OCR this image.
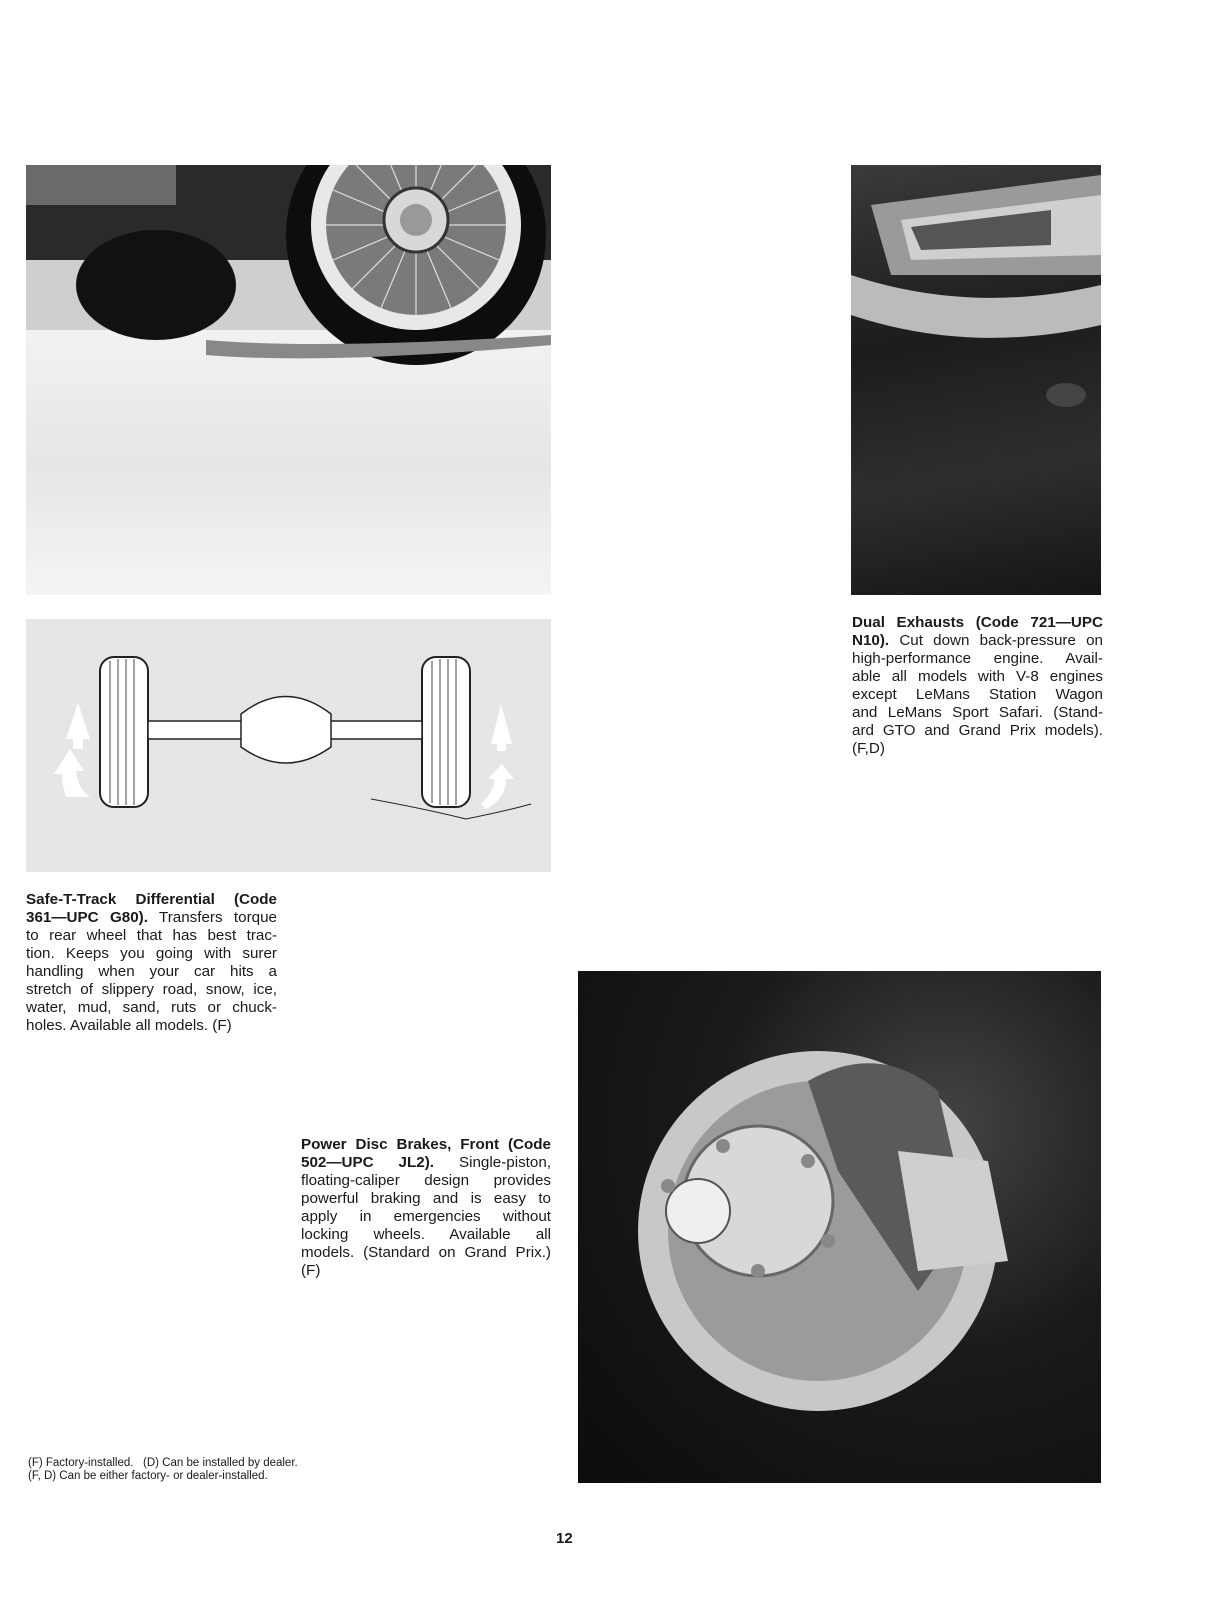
Dual Exhausts (Code 721—UPC
N10). Cut down back-pressure on
high-performance engine. Avail-
able all models with V-8 engines
except LeMans Station Wagon
and LeMans Sport Safari. (Stand-
ard GTO and Grand Prix models).
(F,D)
Safe-T-Track Differential (Code
361—UPC G80). Transfers torque
to rear wheel that has best trac-
tion. Keeps you going with surer
handling when your car hits a
stretch of slippery road, snow, ice,
water, mud, sand, ruts or chuck-
holes. Available all models. (F)
Power Disc Brakes, Front (Code
502—UPC JL2). Single-piston,
floating-caliper design provides
powerful braking and is easy to
apply in emergencies without
locking wheels. Available all
models. (Standard on Grand Prix.)
(F)
(F) Factory-installed.   (D) Can be installed by dealer.
(F, D) Can be either factory- or dealer-installed.
12
